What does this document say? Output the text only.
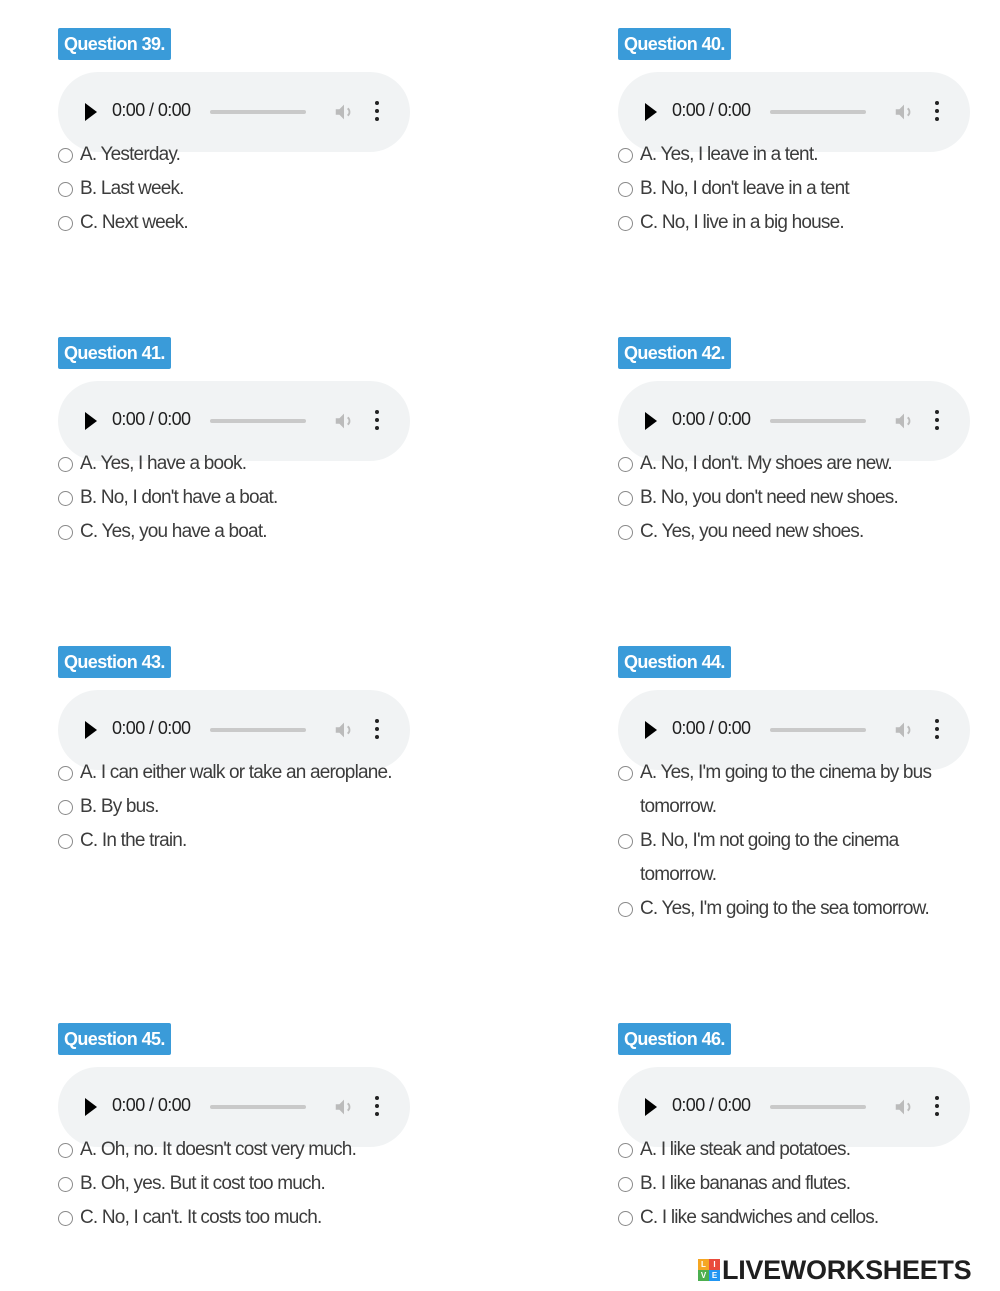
Question 39.
0:00 / 0:00
A. Yesterday.
B. Last week.
C. Next week.
Question 40.
0:00 / 0:00
A. Yes, I leave in a tent.
B. No, I don't leave in a tent
C. No, I live in a big house.
Question 41.
0:00 / 0:00
A. Yes, I have a book.
B. No, I don't have a boat.
C. Yes, you have a boat.
Question 42.
0:00 / 0:00
A. No, I don't. My shoes are new.
B. No, you don't need new shoes.
C. Yes, you need new shoes.
Question 43.
0:00 / 0:00
A. I can either walk or take an aeroplane.
B. By bus.
C. In the train.
Question 44.
0:00 / 0:00
A. Yes, I'm going to the cinema by bus tomorrow.
B. No, I'm not going to the cinema tomorrow.
C. Yes, I'm going to the sea tomorrow.
Question 45.
0:00 / 0:00
A. Oh, no. It doesn't cost very much.
B. Oh, yes. But it cost too much.
C. No, I can't. It costs too much.
Question 46.
0:00 / 0:00
A. I like steak and potatoes.
B. I like bananas and flutes.
C. I like sandwiches and cellos.
L I
V E LIVEWORKSHEETS
